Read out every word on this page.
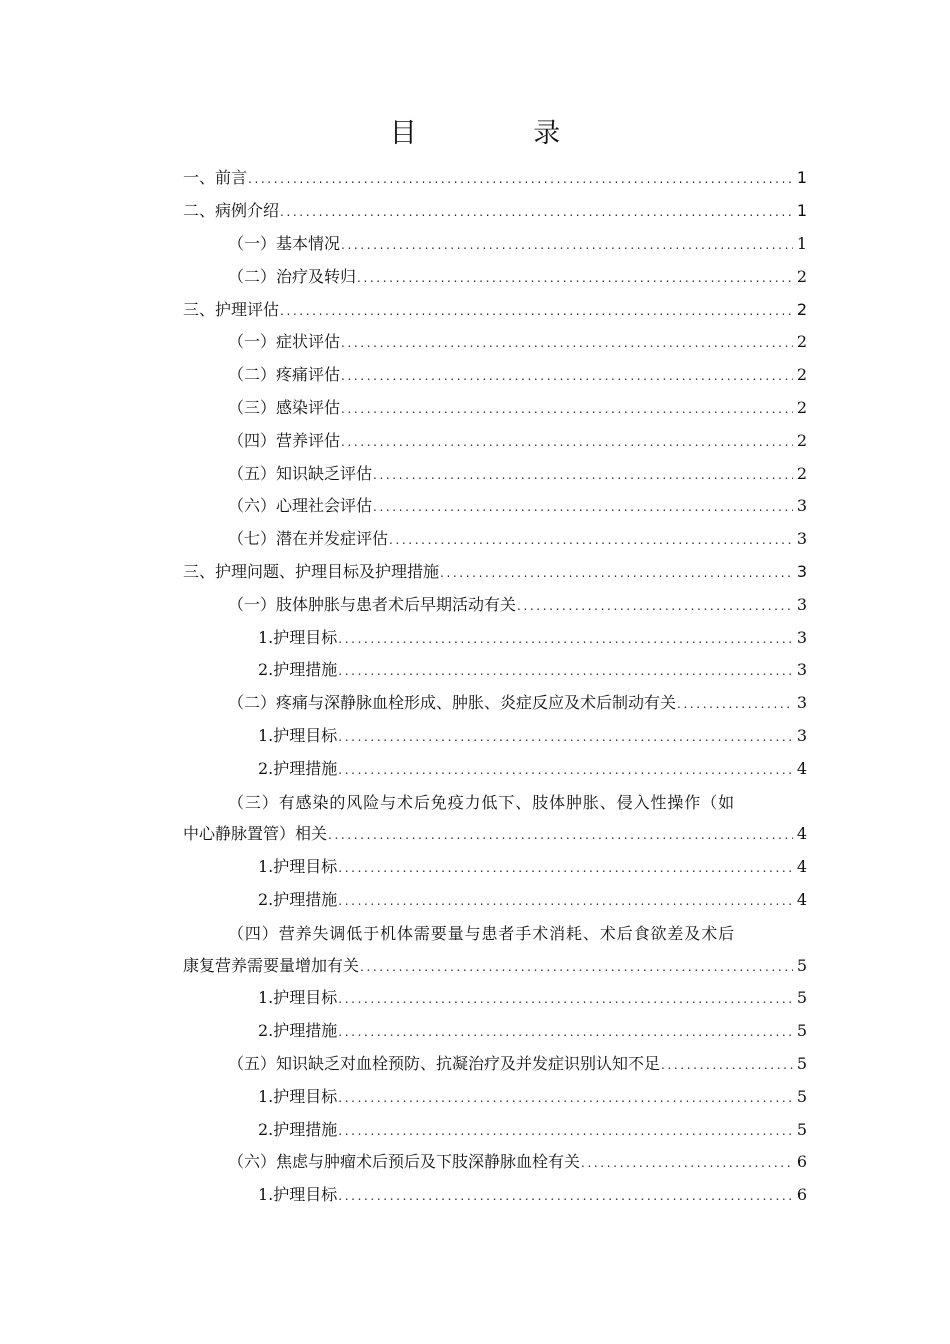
目 录
一、前言 . . .	1
二、病例介绍 . . .	1
（一）基本情况 . . .	1
（二）治疗及转归 . . .	2
三、护理评估 . . .	2
（一）症状评估 . . .	2
（二）疼痛评估 . . .	2
（三）感染评估 . . .	2
（四）营养评估 . . .	2
（五）知识缺乏评估 . . .	2
（六）心理社会评估 . . .	3
（七）潜在并发症评估 . . .	3
三、护理问题、护理目标及护理措施 . . .	3
（一）肢体肿胀与患者术后早期活动有关 . . .	3
1.护理目标 . . .	3
2.护理措施 . . .	3
（二）疼痛与深静脉血栓形成、肿胀、炎症反应及术后制动有关 . . .	3
1.护理目标 . . .	3
2.护理措施 . . .	4
（三）有感染的风险与术后免疫力低下、肢体肿胀、侵入性操作（如
中心静脉置管）相关 . . .	4
1.护理目标 . . .	4
2.护理措施 . . .	4
（四）营养失调低于机体需要量与患者手术消耗、术后食欲差及术后
康复营养需要量增加有关 . . .	5
1.护理目标 . . .	5
2.护理措施 . . .	5
（五）知识缺乏对血栓预防、抗凝治疗及并发症识别认知不足 . . .	5
1.护理目标 . . .	5
2.护理措施 . . .	5
（六）焦虑与肿瘤术后预后及下肢深静脉血栓有关 . . .	6
1.护理目标 . . .	6
